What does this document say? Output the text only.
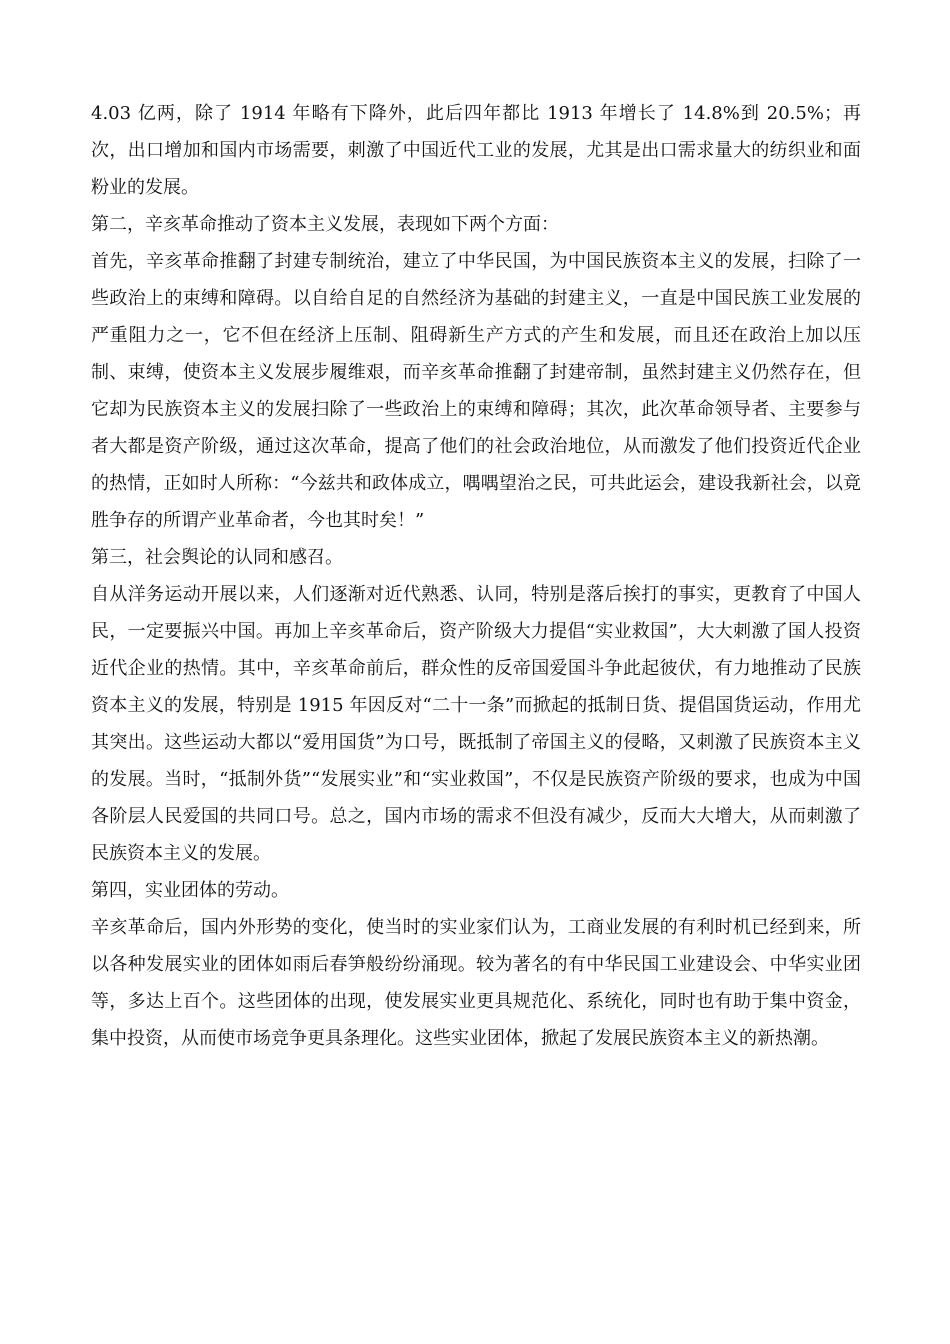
4.03 亿两，除了 1914 年略有下降外，此后四年都比 1913 年增长了 14.8%到 20.5%；再次，出口增加和国内市场需要，刺激了中国近代工业的发展，尤其是出口需求量大的纺织业和面粉业的发展。

第二，辛亥革命推动了资本主义发展，表现如下两个方面：

首先，辛亥革命推翻了封建专制统治，建立了中华民国，为中国民族资本主义的发展，扫除了一些政治上的束缚和障碍。以自给自足的自然经济为基础的封建主义，一直是中国民族工业发展的严重阻力之一，它不但在经济上压制、阻碍新生产方式的产生和发展，而且还在政治上加以压制、束缚，使资本主义发展步履维艰，而辛亥革命推翻了封建帝制，虽然封建主义仍然存在，但它却为民族资本主义的发展扫除了一些政治上的束缚和障碍；其次，此次革命领导者、主要参与者大都是资产阶级，通过这次革命，提高了他们的社会政治地位，从而激发了他们投资近代企业的热情，正如时人所称：“今兹共和政体成立，喁喁望治之民，可共此运会，建设我新社会，以竟胜争存的所谓产业革命者，今也其时矣！”

第三，社会舆论的认同和感召。

自从洋务运动开展以来，人们逐渐对近代熟悉、认同，特别是落后挨打的事实，更教育了中国人民，一定要振兴中国。再加上辛亥革命后，资产阶级大力提倡“实业救国”，大大刺激了国人投资近代企业的热情。其中，辛亥革命前后，群众性的反帝国爱国斗争此起彼伏，有力地推动了民族资本主义的发展，特别是 1915 年因反对“二十一条”而掀起的抵制日货、提倡国货运动，作用尤其突出。这些运动大都以“爱用国货”为口号，既抵制了帝国主义的侵略，又刺激了民族资本主义的发展。当时，“抵制外货”“发展实业”和“实业救国”，不仅是民族资产阶级的要求，也成为中国各阶层人民爱国的共同口号。总之，国内市场的需求不但没有减少，反而大大增大，从而刺激了民族资本主义的发展。

第四，实业团体的劳动。

辛亥革命后，国内外形势的变化，使当时的实业家们认为，工商业发展的有利时机已经到来，所以各种发展实业的团体如雨后春笋般纷纷涌现。较为著名的有中华民国工业建设会、中华实业团等，多达上百个。这些团体的出现，使发展实业更具规范化、系统化，同时也有助于集中资金，集中投资，从而使市场竞争更具条理化。这些实业团体，掀起了发展民族资本主义的新热潮。
